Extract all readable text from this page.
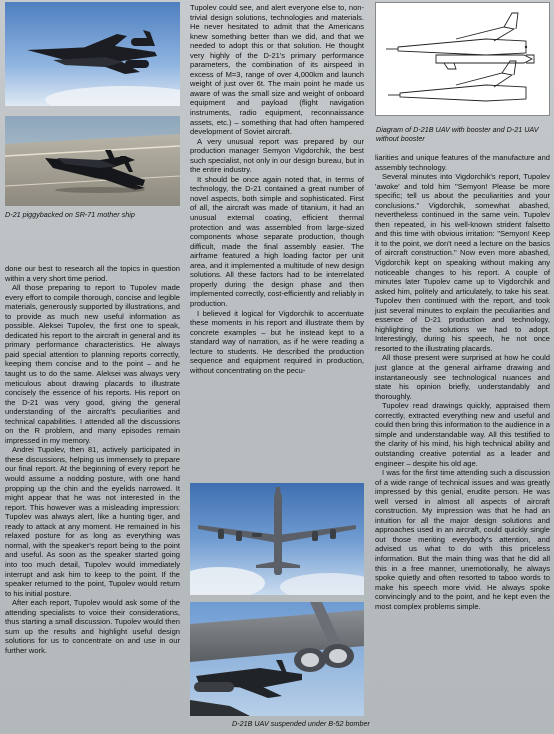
D-21 piggybacked on SR-71 mother ship

done our best to research all the topics in question within a very short time period.

All those preparing to report to Tupolev made every effort to compile thorough, concise and legible materials, generously supported by illustrations, and to provide as much new useful information as possible. Aleksei Tupolev, the first one to speak, dedicated his report to the aircraft in general and its primary performance characteristics. He always paid special attention to planning reports correctly, keeping them concise and to the point – and he taught us to do the same. Aleksei was always very meticulous about drawing placards to illustrate concisely the essence of his reports. His report on the D-21 was very good, giving the general understanding of the aircraft's peculiarities and technical capabilities. I attended all the discussions on the R problem, and many episodes remain impressed in my memory.

Andrei Tupolev, then 81, actively participated in these discussions, helping us immensely to prepare our final report. At the beginning of every report he would assume a nodding posture, with one hand propping up the chin and the eyelids narrowed. It might appear that he was not interested in the report. This however was a misleading impression: Tupolev was always alert, like a hunting tiger, and ready to attack at any moment. He remained in his relaxed posture for as long as everything was normal, with the speaker's report being to the point and useful. As soon as the speaker started going into too much detail, Tupolev would immediately interrupt and ask him to keep to the point. If the speaker returned to the point, Tupolev would return to his initial posture.

After each report, Tupolev would ask some of the attending specialists to voice their considerations, thus starting a small discussion. Tupolev would then sum up the results and highlight useful design solutions for us to concentrate on and use in our further work.

Tupolev could see, and alert everyone else to, non-trivial design solutions, technologies and materials. He never hesitated to admit that the Americans knew something better than we did, and that we needed to adopt this or that solution. He thought very highly of the D-21's primary performance parameters, the combination of its airspeed in excess of M=3, range of over 4,000km and launch weight of just over 6t. The main point he made us aware of was the small size and weight of onboard equipment and payload (flight navigation instruments, radio equipment, reconnaissance assets, etc.) – something that had often hampered development of Soviet aircraft.

A very unusual report was prepared by our production manager Semyon Vigdorchik, the best such specialist, not only in our design bureau, but in the entire industry.

It should be once again noted that, in terms of technology, the D-21 contained a great number of novel aspects, both simple and sophisticated. First of all, the aircraft was made of titanium, it had an unusual external coating, efficient thermal protection and was assembled from large-sized components whose separate production, though difficult, made the final assembly easier. The airframe featured a high loading factor per unit area, and it implemented a multitude of new design solutions. All these factors had to be interrelated properly during the design phase and then implemented correctly, cost-efficiently and reliably in production.

I believed it logical for Vigdorchik to accentuate these moments in his report and illustrate them by concrete examples – but he instead kept to a standard way of narration, as if he were reading a lecture to students. He described the production sequence and equipment required in production, without concentrating on the pecu-

D-21B UAV suspended under B-52 bomber
Diagram of D-21B UAV with booster and D-21 UAV without booster

liarities and unique features of the manufacture and assembly technology.

Several minutes into Vigdorchik's report, Tupolev 'awoke' and told him "Semyon! Please be more specific; tell us about the peculiarities and your conclusions." Vigdorchik, somewhat abashed, nevertheless continued in the same vein. Tupolev then repeated, in his well-known strident falsetto and this time with obvious irritation: "Semyon! Keep it to the point, we don't need a lecture on the basics of aircraft construction." Now even more abashed, Vigdorchik kept on speaking without making any noticeable changes to his report. A couple of minutes later Tupolev came up to Vigdorchik and asked him, politely and articulately, to take his seat. Tupolev then continued with the report, and took just several minutes to explain the peculiarities and essence of D-21 production and technology, highlighting the solutions we had to adopt. Interestingly, during his speech, he not once resorted to the illustrating placards.

All those present were surprised at how he could just glance at the general airframe drawing and instantaneously see technological nuances and state his opinion briefly, understandably and thoroughly.

Tupolev read drawings quickly, appraised them correctly, extracted everything new and useful and could then bring this information to the audience in a simple and understandable way. All this testified to the clarity of his mind, his high technical ability and outstanding creative potential as a leader and engineer – despite his old age.

I was for the first time attending such a discussion of a wide range of technical issues and was greatly impressed by this genial, erudite person. He was well versed in almost all aspects of aircraft construction. My impression was that he had an intuition for all the major design solutions and approaches used in an aircraft, could quickly single out those meriting everybody's attention, and advised us what to do with this priceless information. But the main thing was that he did all this in a free manner, unemotionally, he always spoke quietly and often resorted to taboo words to make his speech more vivid. He always spoke convincingly and to the point, and he kept even the most complex problems simple.
